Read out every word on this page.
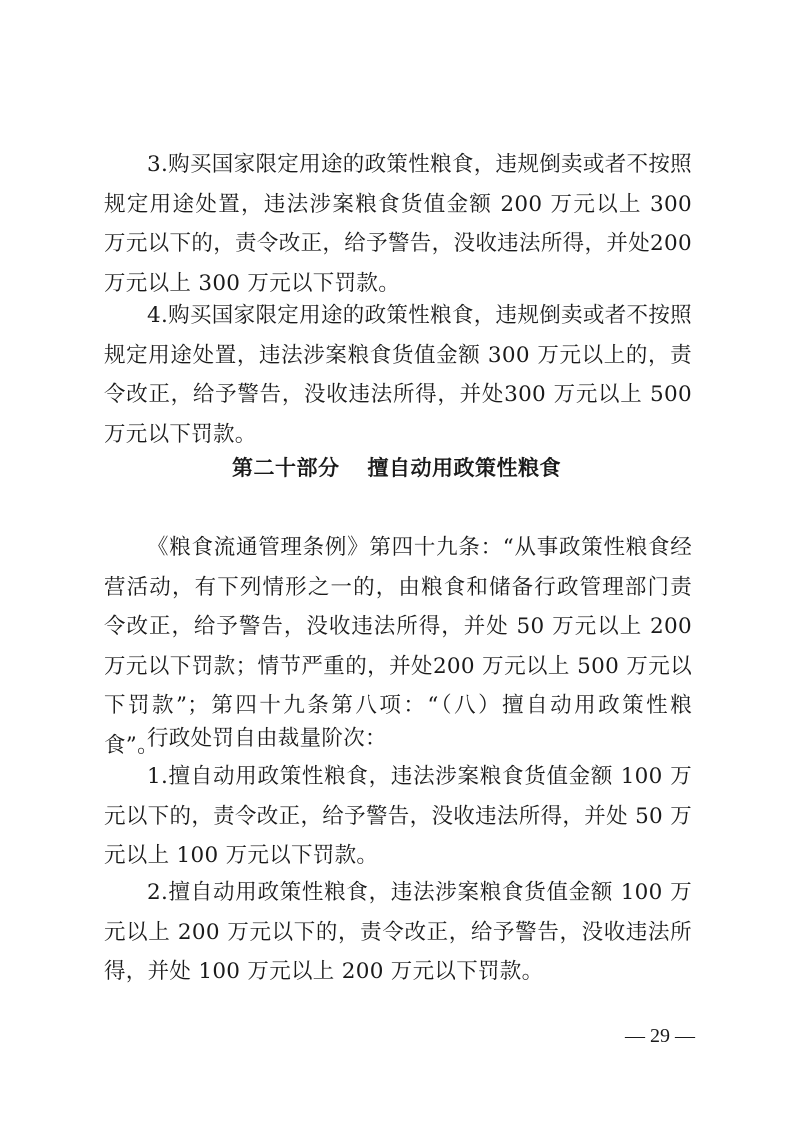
3.购买国家限定用途的政策性粮食，违规倒卖或者不按照规定用途处置，违法涉案粮食货值金额 200 万元以上 300 万元以下的，责令改正，给予警告，没收违法所得，并处200 万元以上 300 万元以下罚款。

4.购买国家限定用途的政策性粮食，违规倒卖或者不按照规定用途处置，违法涉案粮食货值金额 300 万元以上的，责令改正，给予警告，没收违法所得，并处300 万元以上 500 万元以下罚款。

第二十部分 擅自动用政策性粮食

《粮食流通管理条例》第四十九条：“从事政策性粮食经营活动，有下列情形之一的，由粮食和储备行政管理部门责令改正，给予警告，没收违法所得，并处 50 万元以上 200 万元以下罚款；情节严重的，并处200 万元以上 500 万元以下罚款”；第四十九条第八项：“（八）擅自动用政策性粮食”。

行政处罚自由裁量阶次：

1.擅自动用政策性粮食，违法涉案粮食货值金额 100 万元以下的，责令改正，给予警告，没收违法所得，并处 50 万元以上 100 万元以下罚款。

2.擅自动用政策性粮食，违法涉案粮食货值金额 100 万元以上 200 万元以下的，责令改正，给予警告，没收违法所得，并处 100 万元以上 200 万元以下罚款。

— 29 —
